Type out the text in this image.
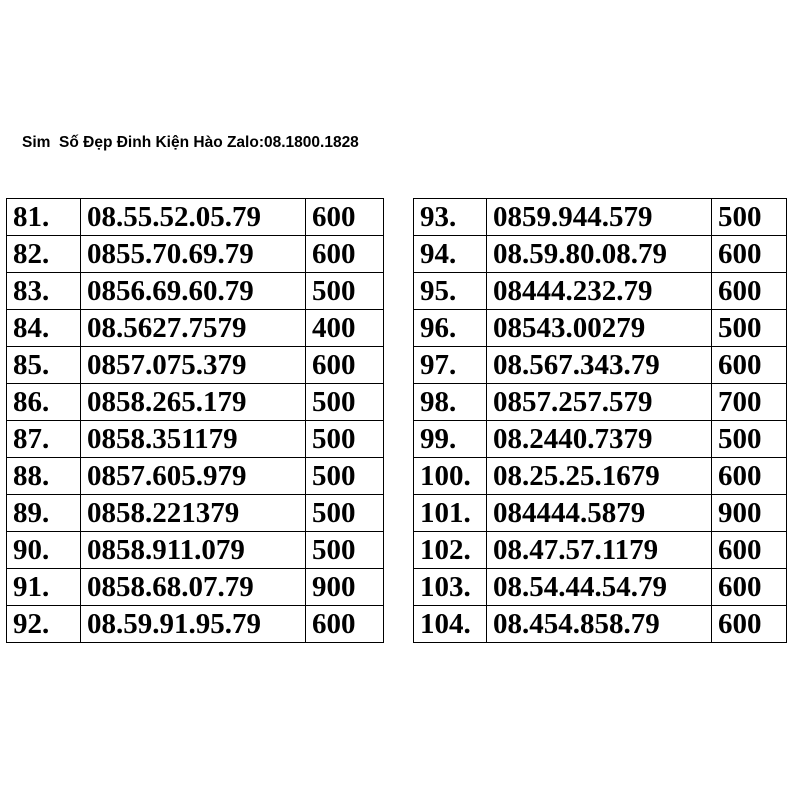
Sim  Số Đẹp Đinh Kiện Hào Zalo:08.1800.1828
81.	08.55.52.05.79	600
82.	0855.70.69.79	600
83.	0856.69.60.79	500
84.	08.5627.7579	400
85.	0857.075.379	600
86.	0858.265.179	500
87.	0858.351179	500
88.	0857.605.979	500
89.	0858.221379	500
90.	0858.911.079	500
91.	0858.68.07.79	900
92.	08.59.91.95.79	600
93.	0859.944.579	500
94.	08.59.80.08.79	600
95.	08444.232.79	600
96.	08543.00279	500
97.	08.567.343.79	600
98.	0857.257.579	700
99.	08.2440.7379	500
100.	08.25.25.1679	600
101.	084444.5879	900
102.	08.47.57.1179	600
103.	08.54.44.54.79	600
104.	08.454.858.79	600
